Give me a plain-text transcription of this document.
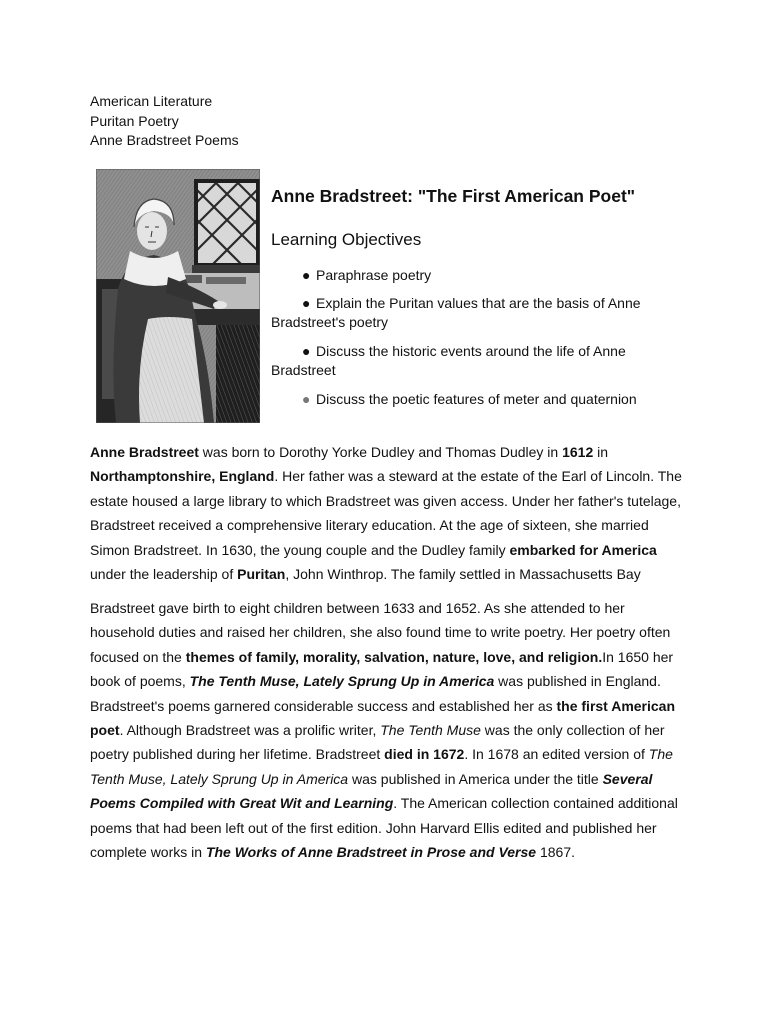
American Literature
Puritan Poetry
Anne Bradstreet Poems
Anne Bradstreet: "The First American Poet"
Learning Objectives
● Paraphrase poetry
● Explain the Puritan values that are the basis of Anne
Bradstreet's poetry
● Discuss the historic events around the life of Anne
Bradstreet
● Discuss the poetic features of meter and quaternion

Anne Bradstreet was born to Dorothy Yorke Dudley and Thomas Dudley in 1612 in Northamptonshire, England. Her father was a steward at the estate of the Earl of Lincoln. The estate housed a large library to which Bradstreet was given access. Under her father's tutelage, Bradstreet received a comprehensive literary education. At the age of sixteen, she married Simon Bradstreet. In 1630, the young couple and the Dudley family embarked for America under the leadership of Puritan, John Winthrop. The family settled in Massachusetts Bay

Bradstreet gave birth to eight children between 1633 and 1652. As she attended to her household duties and raised her children, she also found time to write poetry. Her poetry often focused on the themes of family, morality, salvation, nature, love, and religion.In 1650 her book of poems, The Tenth Muse, Lately Sprung Up in America was published in England. Bradstreet's poems garnered considerable success and established her as the first American poet. Although Bradstreet was a prolific writer, The Tenth Muse was the only collection of her poetry published during her lifetime. Bradstreet died in 1672. In 1678 an edited version of The Tenth Muse, Lately Sprung Up in America was published in America under the title Several Poems Compiled with Great Wit and Learning. The American collection contained additional poems that had been left out of the first edition. John Harvard Ellis edited and published her complete works in The Works of Anne Bradstreet in Prose and Verse 1867.
